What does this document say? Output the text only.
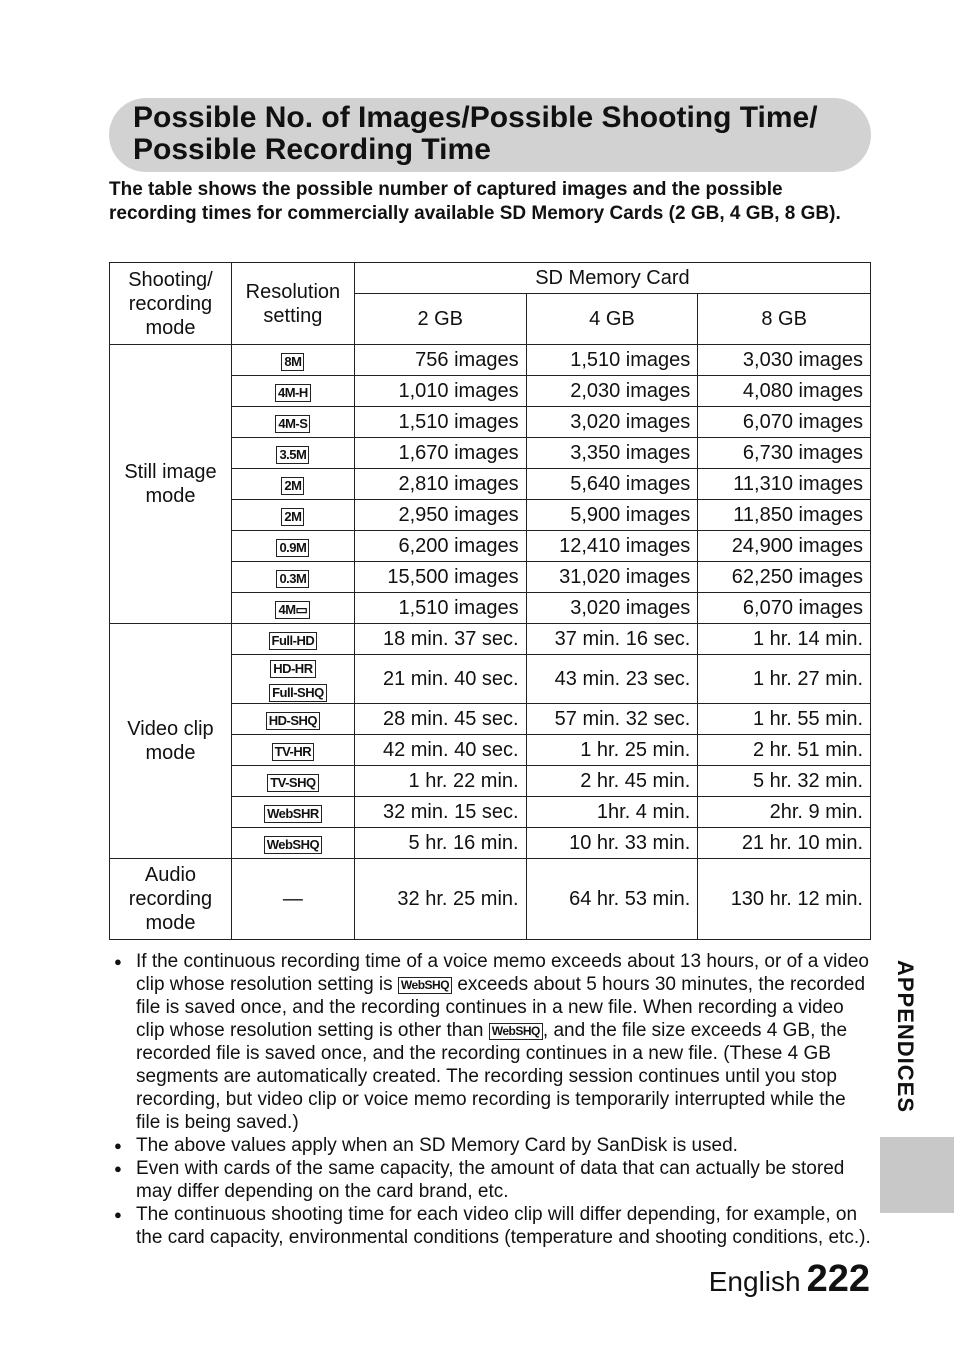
Possible No. of Images/Possible Shooting Time/
Possible Recording Time

The table shows the possible number of captured images and the possible recording times for commercially available SD Memory Cards (2 GB, 4 GB, 8 GB).

Shooting/ recording mode	Resolution setting	SD Memory Card		
		2 GB	4 GB	8 GB
Still image mode	8M	756 images	1,510 images	3,030 images
	4M-H	1,010 images	2,030 images	4,080 images
	4M-S	1,510 images	3,020 images	6,070 images
	3.5M	1,670 images	3,350 images	6,730 images
	2M	2,810 images	5,640 images	11,310 images
	2M	2,950 images	5,900 images	11,850 images
	0.9M	6,200 images	12,410 images	24,900 images
	0.3M	15,500 images	31,020 images	62,250 images
	4M▭	1,510 images	3,020 images	6,070 images
Video clip mode	Full-HD	18 min. 37 sec.	37 min. 16 sec.	1 hr. 14 min.
	HD-HRFull-SHQ	21 min. 40 sec.	43 min. 23 sec.	1 hr. 27 min.
	HD-SHQ	28 min. 45 sec.	57 min. 32 sec.	1 hr. 55 min.
	TV-HR	42 min. 40 sec.	1 hr. 25 min.	2 hr. 51 min.
	TV-SHQ	1 hr. 22 min.	2 hr. 45 min.	5 hr. 32 min.
	WebSHR	32 min. 15 sec.	1hr. 4 min.	2hr. 9 min.
	WebSHQ	5 hr. 16 min.	10 hr. 33 min.	21 hr. 10 min.
Audio recording mode	—	32 hr. 25 min.	64 hr. 53 min.	130 hr. 12 min.
● If the continuous recording time of a voice memo exceeds about 13 hours, or of a video clip whose resolution setting is WebSHQ exceeds about 5 hours 30 minutes, the recorded file is saved once, and the recording continues in a new file. When recording a video clip whose resolution setting is other than WebSHQ , and the file size exceeds 4 GB, the recorded file is saved once, and the recording continues in a new file. (These 4 GB segments are automatically created. The recording session continues until you stop recording, but video clip or voice memo recording is temporarily interrupted while the file is being saved.)
● The above values apply when an SD Memory Card by SanDisk is used.
● Even with cards of the same capacity, the amount of data that can actually be stored may differ depending on the card brand, etc.
● The continuous shooting time for each video clip will differ depending, for example, on the card capacity, environmental conditions (temperature and shooting conditions, etc.).
APPENDICES
English 222
